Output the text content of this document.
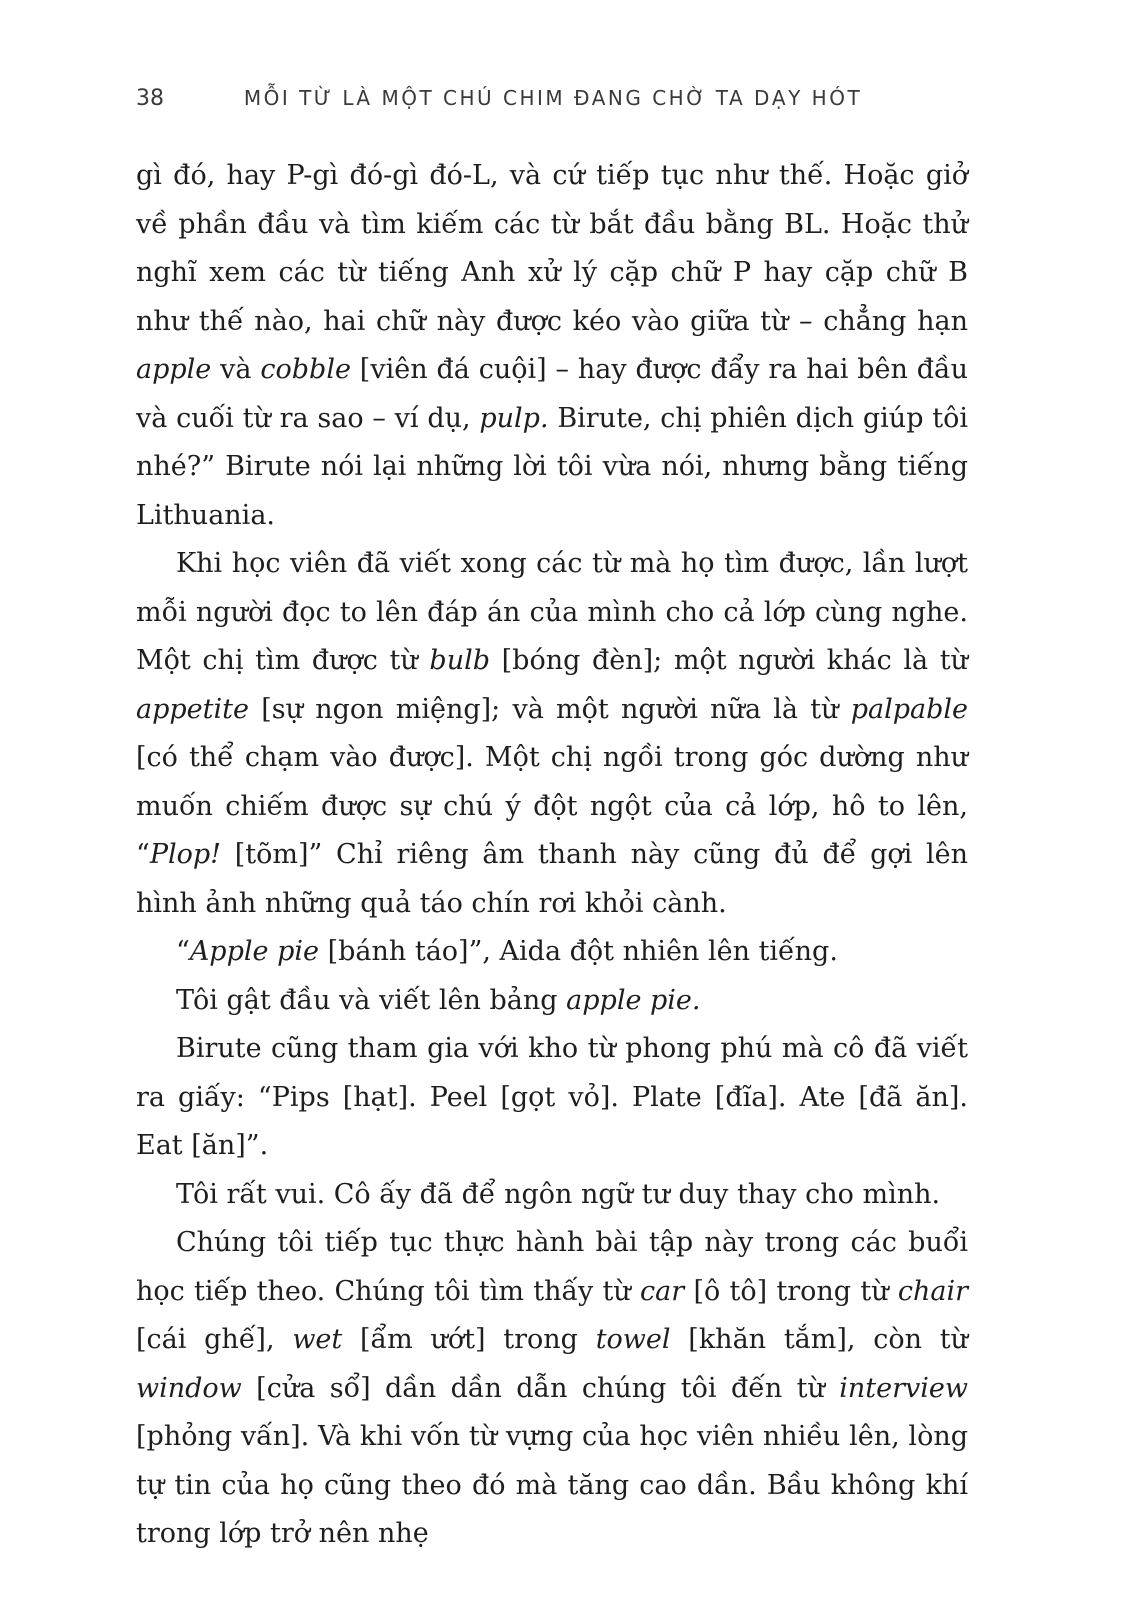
38	MỖI TỪ LÀ MỘT CHÚ CHIM ĐANG CHỜ TA DẠY HÓT

gì đó, hay P-gì đó-gì đó-L, và cứ tiếp tục như thế. Hoặc giở về phần đầu và tìm kiếm các từ bắt đầu bằng BL. Hoặc thử nghĩ xem các từ tiếng Anh xử lý cặp chữ P hay cặp chữ B như thế nào, hai chữ này được kéo vào giữa từ – chẳng hạn apple và cobble [viên đá cuội] – hay được đẩy ra hai bên đầu và cuối từ ra sao – ví dụ, pulp. Birute, chị phiên dịch giúp tôi nhé?” Birute nói lại những lời tôi vừa nói, nhưng bằng tiếng Lithuania.

Khi học viên đã viết xong các từ mà họ tìm được, lần lượt mỗi người đọc to lên đáp án của mình cho cả lớp cùng nghe. Một chị tìm được từ bulb [bóng đèn]; một người khác là từ appetite [sự ngon miệng]; và một người nữa là từ palpable [có thể chạm vào được]. Một chị ngồi trong góc dường như muốn chiếm được sự chú ý đột ngột của cả lớp, hô to lên, “Plop! [tõm]” Chỉ riêng âm thanh này cũng đủ để gợi lên hình ảnh những quả táo chín rơi khỏi cành.

“Apple pie [bánh táo]”, Aida đột nhiên lên tiếng.

Tôi gật đầu và viết lên bảng apple pie.

Birute cũng tham gia với kho từ phong phú mà cô đã viết ra giấy: “Pips [hạt]. Peel [gọt vỏ]. Plate [đĩa]. Ate [đã ăn]. Eat [ăn]”.

Tôi rất vui. Cô ấy đã để ngôn ngữ tư duy thay cho mình.

Chúng tôi tiếp tục thực hành bài tập này trong các buổi học tiếp theo. Chúng tôi tìm thấy từ car [ô tô] trong từ chair [cái ghế], wet [ẩm ướt] trong towel [khăn tắm], còn từ window [cửa sổ] dần dần dẫn chúng tôi đến từ interview [phỏng vấn]. Và khi vốn từ vựng của học viên nhiều lên, lòng tự tin của họ cũng theo đó mà tăng cao dần. Bầu không khí trong lớp trở nên nhẹ
